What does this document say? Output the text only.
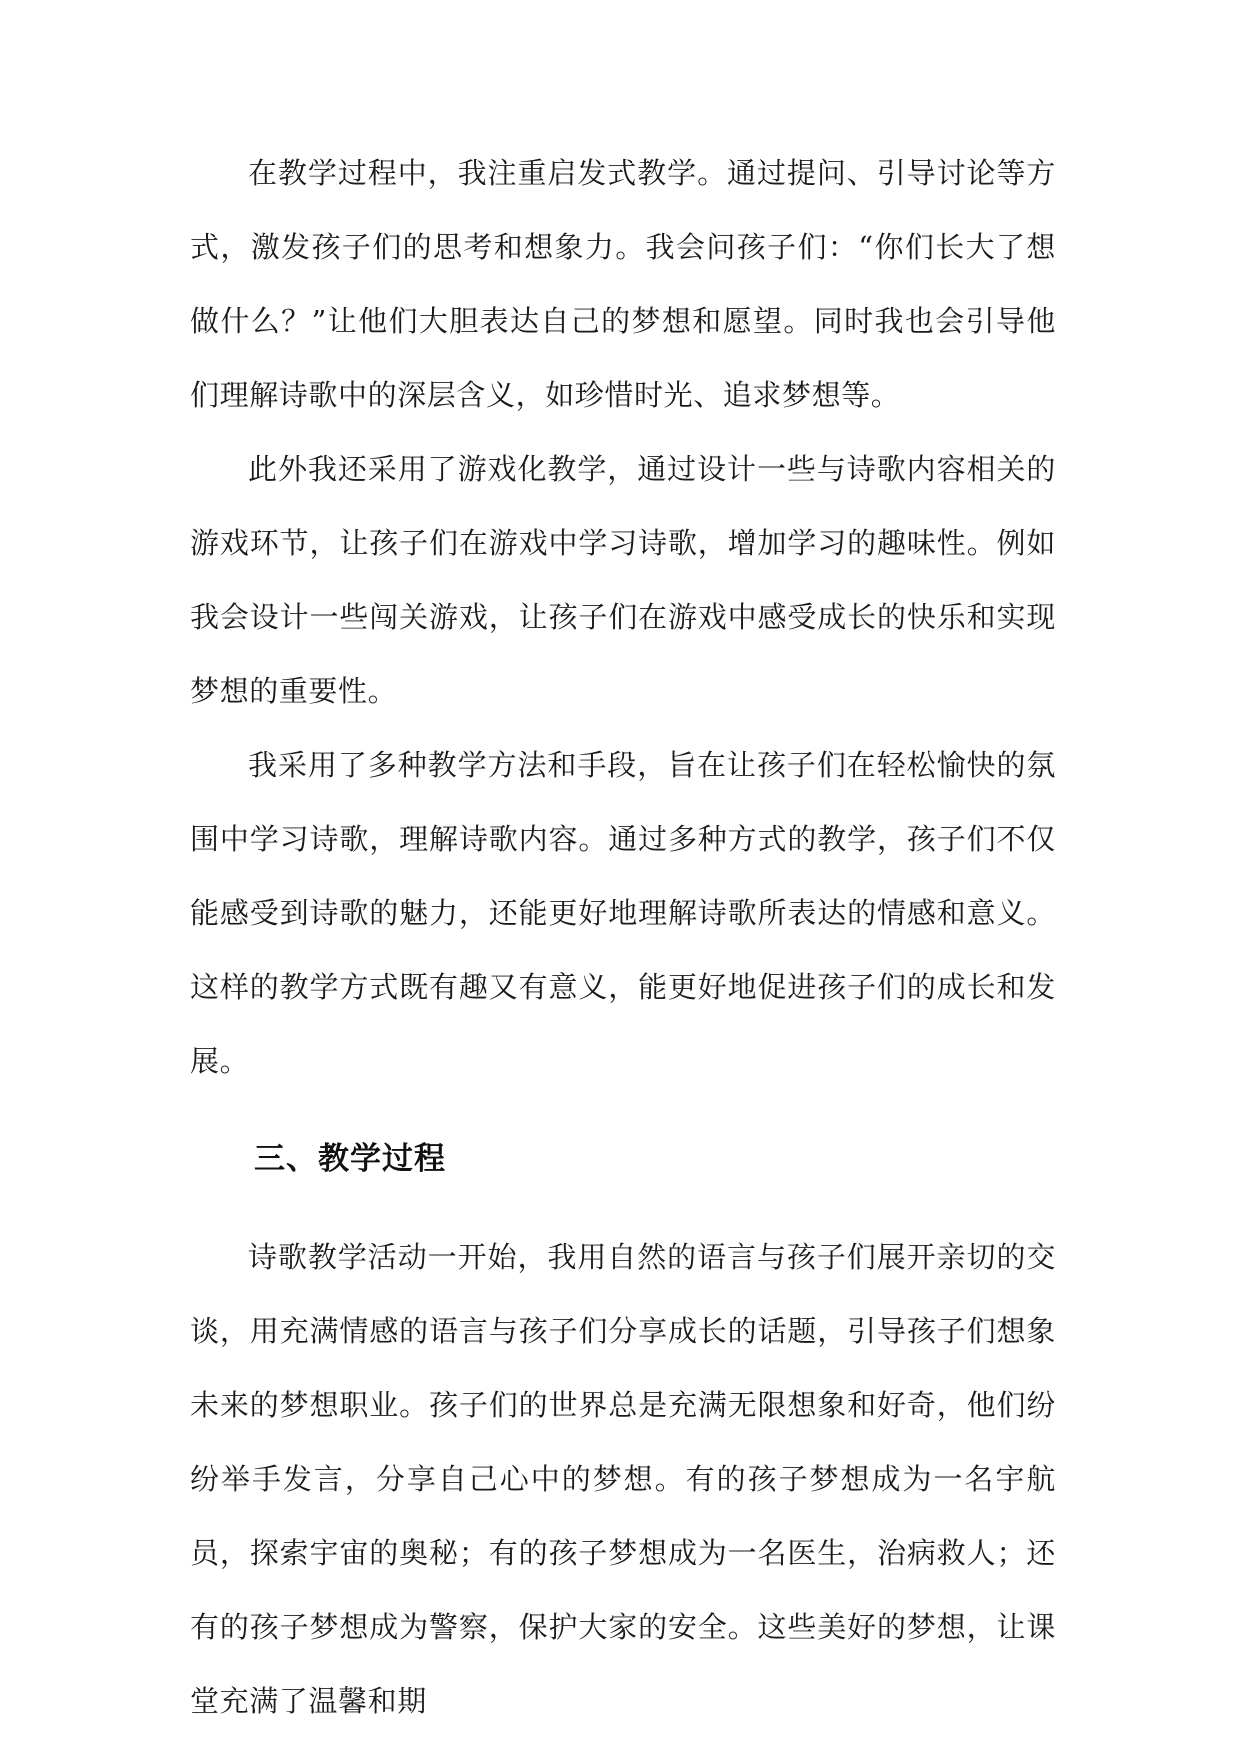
在教学过程中，我注重启发式教学。通过提问、引导讨论等方式，激发孩子们的思考和想象力。我会问孩子们：“你们长大了想做什么？”让他们大胆表达自己的梦想和愿望。同时我也会引导他们理解诗歌中的深层含义，如珍惜时光、追求梦想等。

此外我还采用了游戏化教学，通过设计一些与诗歌内容相关的游戏环节，让孩子们在游戏中学习诗歌，增加学习的趣味性。例如我会设计一些闯关游戏，让孩子们在游戏中感受成长的快乐和实现梦想的重要性。

我采用了多种教学方法和手段，旨在让孩子们在轻松愉快的氛围中学习诗歌，理解诗歌内容。通过多种方式的教学，孩子们不仅能感受到诗歌的魅力，还能更好地理解诗歌所表达的情感和意义。这样的教学方式既有趣又有意义，能更好地促进孩子们的成长和发展。

三、教学过程

诗歌教学活动一开始，我用自然的语言与孩子们展开亲切的交谈，用充满情感的语言与孩子们分享成长的话题，引导孩子们想象未来的梦想职业。孩子们的世界总是充满无限想象和好奇，他们纷纷举手发言，分享自己心中的梦想。有的孩子梦想成为一名宇航员，探索宇宙的奥秘；有的孩子梦想成为一名医生，治病救人；还有的孩子梦想成为警察，保护大家的安全。这些美好的梦想，让课堂充满了温馨和期
